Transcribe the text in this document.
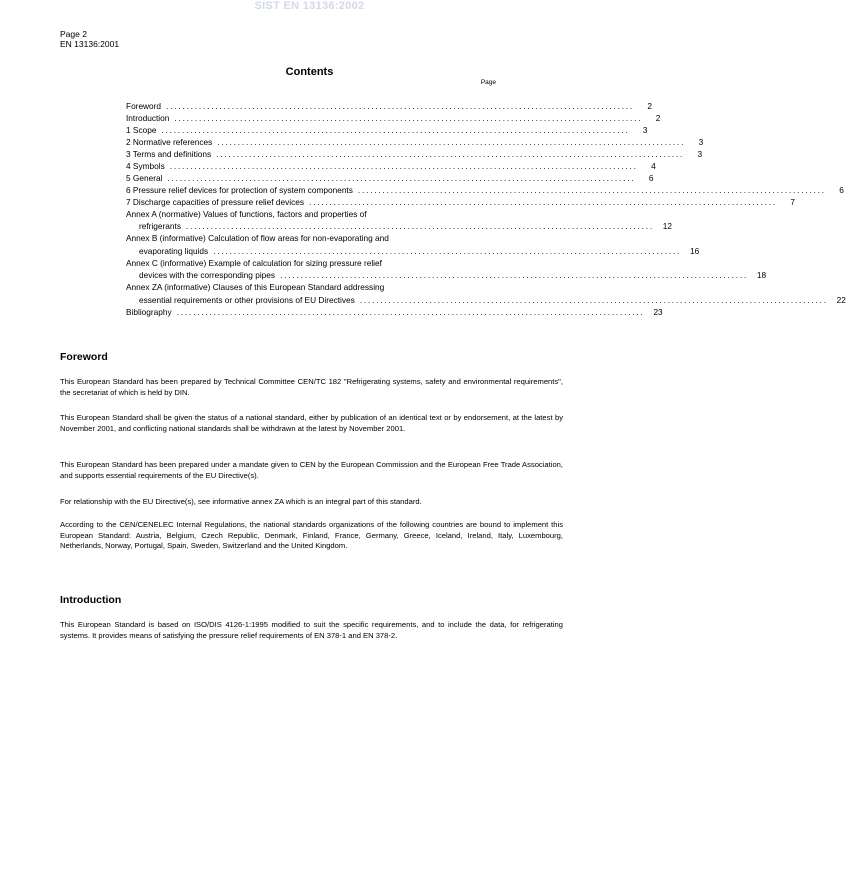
SIST EN 13136:2002
Page 2
EN 13136:2001
Contents
Page
Foreword ..................................................................................................................	2
Introduction ..................................................................................................................	2
1 Scope ..................................................................................................................	3
2 Normative references ..................................................................................................................	3
3 Terms and definitions ..................................................................................................................	3
4 Symbols ..................................................................................................................	4
5 General ..................................................................................................................	6
6 Pressure relief devices for protection of system components ..................................................................................................................	6
7 Discharge capacities of pressure relief devices ..................................................................................................................	7
Annex A (normative) Values of functions, factors and properties of
refrigerants ..................................................................................................................	12
Annex B (informative) Calculation of flow areas for non-evaporating and
evaporating liquids ..................................................................................................................	16
Annex C (informative) Example of calculation for sizing pressure relief
devices with the corresponding pipes ..................................................................................................................	18
Annex ZA (informative) Clauses of this European Standard addressing
essential requirements or other provisions of EU Directives ..................................................................................................................	22
Bibliography ..................................................................................................................	23
Foreword

This European Standard has been prepared by Technical Committee CEN/TC 182 "Refrigerating systems, safety and environmental requirements", the secretariat of which is held by DIN.

This European Standard shall be given the status of a national standard, either by publication of an identical text or by endorsement, at the latest by November 2001, and conflicting national standards shall be withdrawn at the latest by November 2001.

This European Standard has been prepared under a mandate given to CEN by the European Commission and the European Free Trade Association, and supports essential requirements of the EU Directive(s).

For relationship with the EU Directive(s), see informative annex ZA which is an integral part of this standard.

According to the CEN/CENELEC Internal Regulations, the national standards organizations of the following countries are bound to implement this European Standard: Austria, Belgium, Czech Republic, Denmark, Finland, France, Germany, Greece, Iceland, Ireland, Italy, Luxembourg, Netherlands, Norway, Portugal, Spain, Sweden, Switzerland and the United Kingdom.

Introduction

This European Standard is based on ISO/DIS 4126-1:1995 modified to suit the specific requirements, and to include the data, for refrigerating systems. It provides means of satisfying the pressure relief requirements of EN 378-1 and EN 378-2.
